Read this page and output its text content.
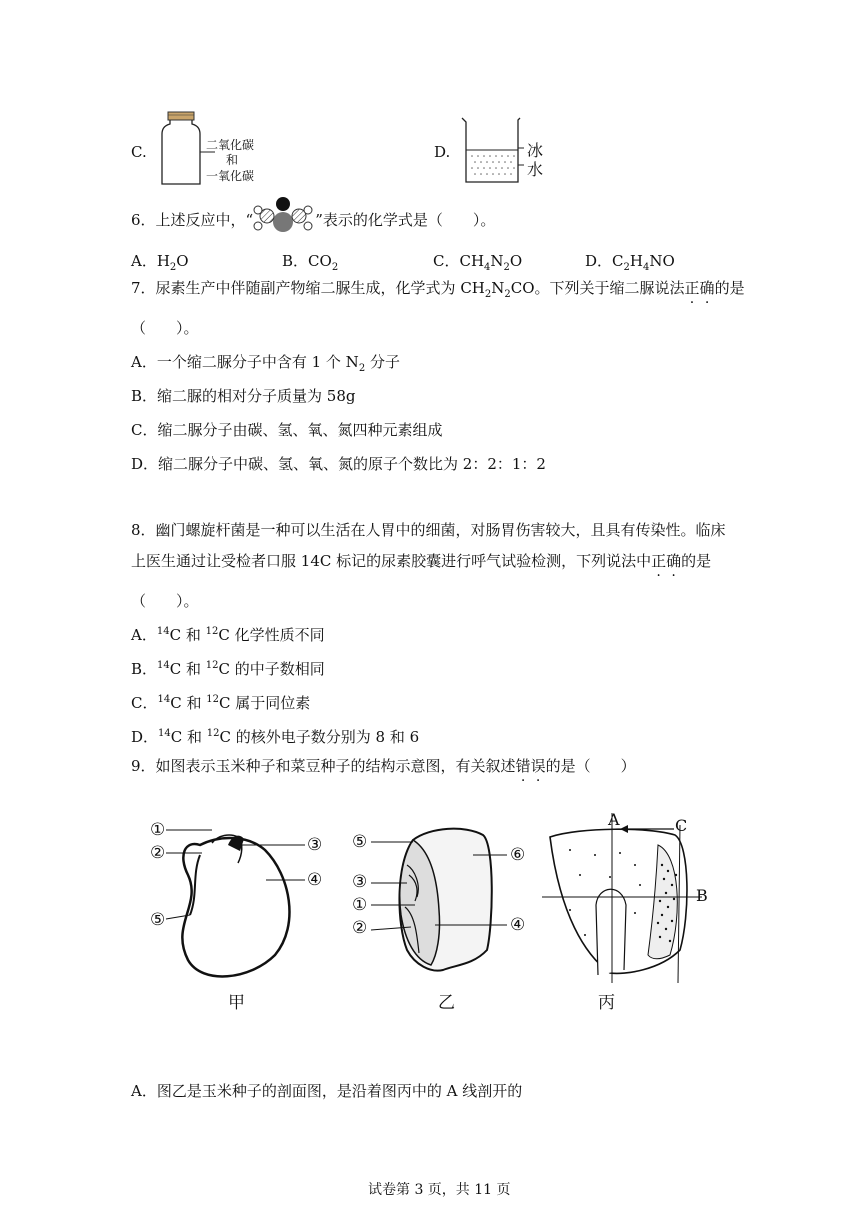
C.	二氧化碳
和
一氧化碳
D.	冰
水
6．上述反应中，“	”表示的化学式是（　　）。
A．$H_2O$	B．$CO_2$	C．$CH_4N_2O$	D．$C_2H_4NO$
7．尿素生产中伴随副产物缩二脲生成，化学式为 $CH_2N_2CO$。下列关于缩二脲说法正确的是
（　　）。
A．一个缩二脲分子中含有 1 个 $N_2$ 分子
B．缩二脲的相对分子质量为 58g
C．缩二脲分子由碳、氢、氧、氮四种元素组成
D．缩二脲分子中碳、氢、氧、氮的原子个数比为 2：2：1：2
8．幽门螺旋杆菌是一种可以生活在人胃中的细菌，对肠胃伤害较大，且具有传染性。临床
上医生通过让受检者口服 14C 标记的尿素胶囊进行呼气试验检测，下列说法中正确的是
（　　）。
A．$^{14}$C 和 $^{12}$C 化学性质不同
B．$^{14}$C 和 $^{12}$C 的中子数相同
C．$^{14}$C 和 $^{12}$C 属于同位素
D．$^{14}$C 和 $^{12}$C 的核外电子数分别为 8 和 6
9．如图表示玉米种子和菜豆种子的结构示意图，有关叙述错误的是（　　）
①
②	③
④
⑤
甲
⑤
⑥
③
①
②	④
乙
A	C
B
丙
A．图乙是玉米种子的剖面图，是沿着图丙中的 A 线剖开的
试卷第 3 页，共 11 页
